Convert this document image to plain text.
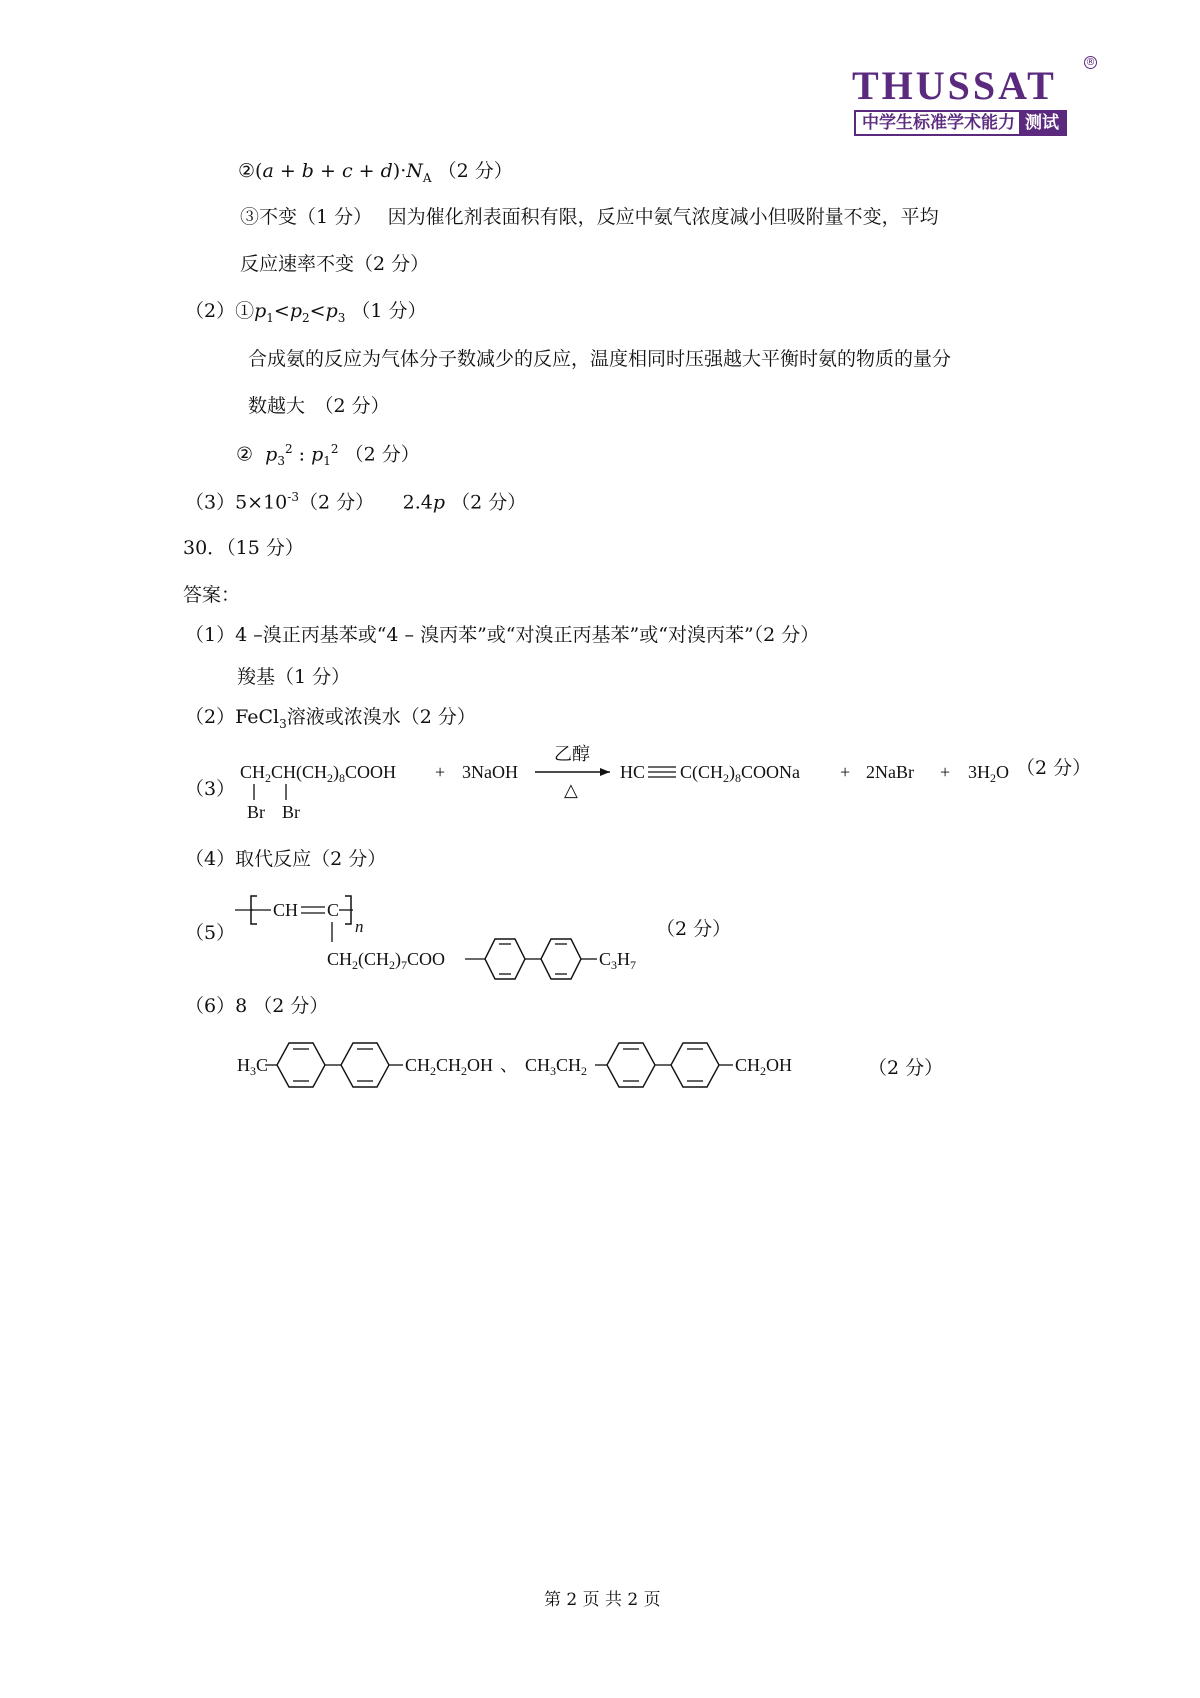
THUSSAT
®
中学生标准学术能力 测试
②(a + $b + c + d)\cdot N_A$ （2 分）
③不变（1 分）　 因为催化剂表面积有限，反应中氨气浓度减小但吸附量不变，平均
反应速率不变（2 分）
$(2)①p_1<p_2<p_3$ （1 分）
合成氨的反应为气体分子数减少的反应，温度相同时压强越大平衡时氨的物质的量分
数越大　（2 分）
② $p_3^2$ : $p_1^2$ （2 分）
$(3)5\times 10^{-3}(2$ 分）　　2.4p （2 分）
30．（15 分）
答案：
（1）4 –溴正丙基苯或“4 – 溴丙苯”或“对溴正丙基苯”或“对溴丙苯”（2 分）
羧基（1 分）
（2）FeCl$_3$溶液或浓溴水（2 分）
（3）
$CH_2CH(CH_2)_8COOH$
Br Br
+ 3NaOH
乙醇
△
HC $C(CH_2)_8COONa$ + 2NaBr + $3H_2O$ （2 分）
（4）取代反应（2 分）
（5）
CH C
n
$CH_2(CH_2)_7COO$	$C_3H_7$
（2 分）
（6）8 （2 分）
$H_3C$	$CH_2CH_2OH$ 、 $CH_3CH_2$	$CH_2OH$	（2 分）
第 2 页 共 2 页
